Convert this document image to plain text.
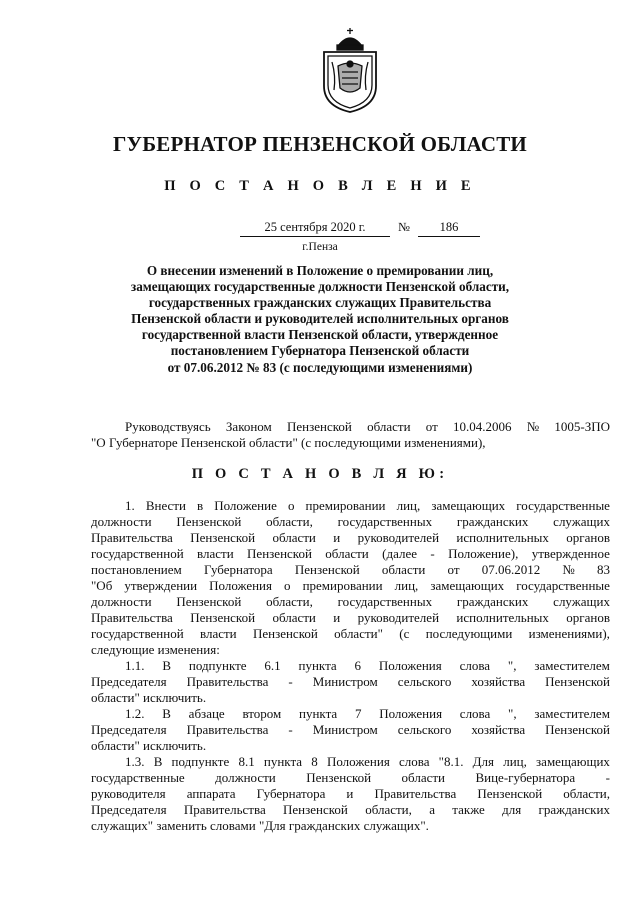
ГУБЕРНАТОР ПЕНЗЕНСКОЙ ОБЛАСТИ
П О С Т А Н О В Л Е Н И Е
25 сентября 2020 г.	№	186
г.Пенза
О внесении изменений в Положение о премировании лиц,
замещающих государственные должности Пензенской области,
государственных гражданских служащих Правительства
Пензенской области и руководителей исполнительных органов
государственной власти Пензенской области, утвержденное
постановлением Губернатора Пензенской области
от 07.06.2012 № 83 (с последующими изменениями)
Руководствуясь Законом Пензенской области от 10.04.2006 № 1005-ЗПО
"О Губернаторе Пензенской области" (с последующими изменениями),
П О С Т А Н О В Л Я Ю:
1. Внести в Положение о премировании лиц, замещающих государственные
должности Пензенской области, государственных гражданских служащих
Правительства Пензенской области и руководителей исполнительных органов
государственной власти Пензенской области (далее - Положение), утвержденное
постановлением Губернатора Пензенской области от 07.06.2012 № 83
"Об утверждении Положения о премировании лиц, замещающих государственные
должности Пензенской области, государственных гражданских служащих
Правительства Пензенской области и руководителей исполнительных органов
государственной власти Пензенской области" (с последующими изменениями),
следующие изменения:
1.1. В подпункте 6.1 пункта 6 Положения слова ", заместителем
Председателя Правительства - Министром сельского хозяйства Пензенской
области" исключить.
1.2. В абзаце втором пункта 7 Положения слова ", заместителем
Председателя Правительства - Министром сельского хозяйства Пензенской
области" исключить.
1.3. В подпункте 8.1 пункта 8 Положения слова "8.1. Для лиц, замещающих
государственные должности Пензенской области Вице-губернатора -
руководителя аппарата Губернатора и Правительства Пензенской области,
Председателя Правительства Пензенской области, а также для гражданских
служащих" заменить словами "Для гражданских служащих".
